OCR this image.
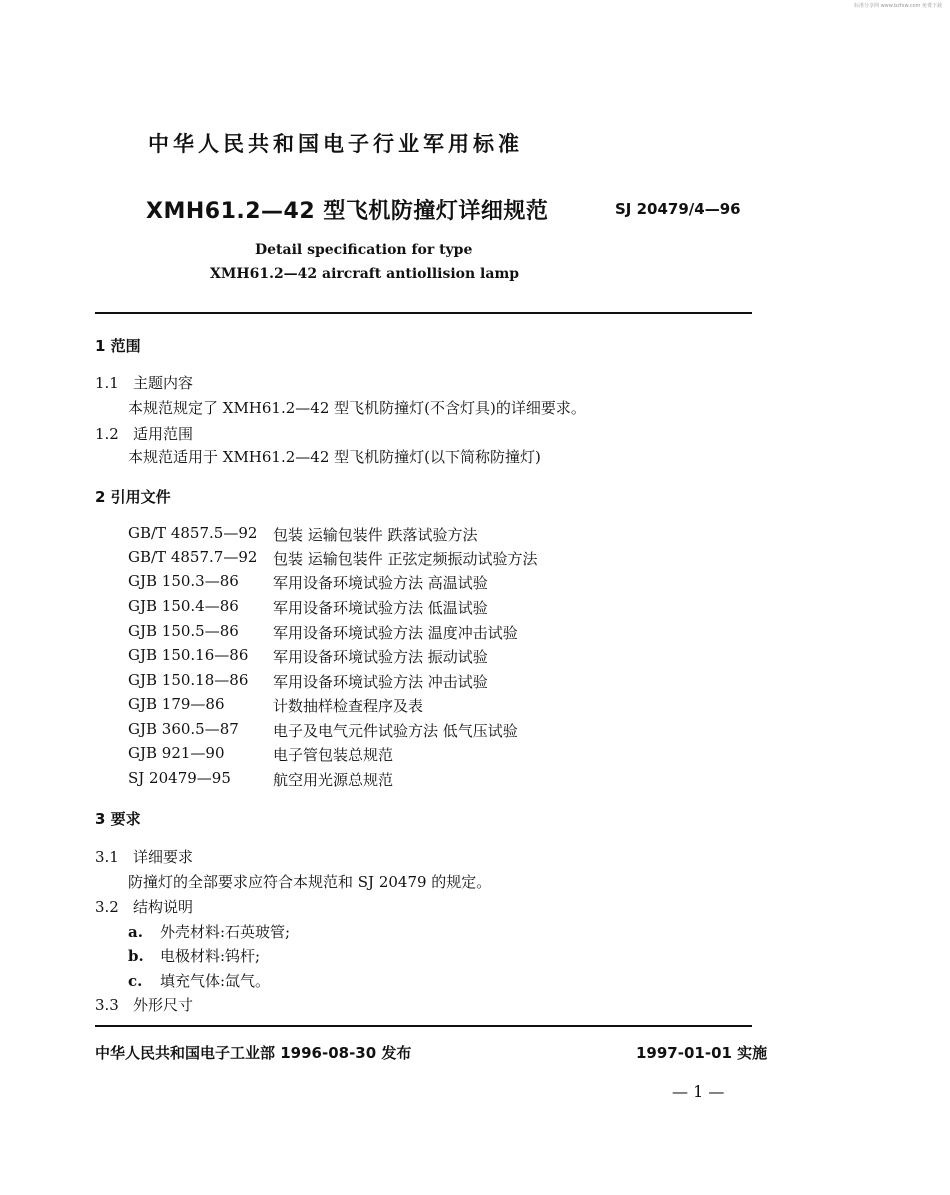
标准分享网 www.bzfxw.com 免费下载
中华人民共和国电子行业军用标准
XMH61.2—42 型飞机防撞灯详细规范	SJ 20479/4—96
Detail specification for type
XMH61.2—42 aircraft antiollision lamp
1 范围
1.1 主题内容
本规范规定了 XMH61.2—42 型飞机防撞灯(不含灯具)的详细要求。
1.2 适用范围
本规范适用于 XMH61.2—42 型飞机防撞灯(以下简称防撞灯)
2 引用文件
GB/T 4857.5—92 包装 运输包装件 跌落试验方法
GB/T 4857.7—92 包装 运输包装件 正弦定频振动试验方法
GJB 150.3—86 军用设备环境试验方法 高温试验
GJB 150.4—86 军用设备环境试验方法 低温试验
GJB 150.5—86 军用设备环境试验方法 温度冲击试验
GJB 150.16—86 军用设备环境试验方法 振动试验
GJB 150.18—86 军用设备环境试验方法 冲击试验
GJB 179—86	计数抽样检查程序及表
GJB 360.5—87 电子及电气元件试验方法 低气压试验
GJB 921—90	电子管包装总规范
SJ 20479—95	航空用光源总规范
3 要求
3.1 详细要求
防撞灯的全部要求应符合本规范和 SJ 20479 的规定。
3.2 结构说明
a. 外壳材料:石英玻管;
b. 电极材料:钨杆;
c. 填充气体:氙气。
3.3 外形尺寸
中华人民共和国电子工业部 1996-08-30 发布	1997-01-01 实施
— 1 —
